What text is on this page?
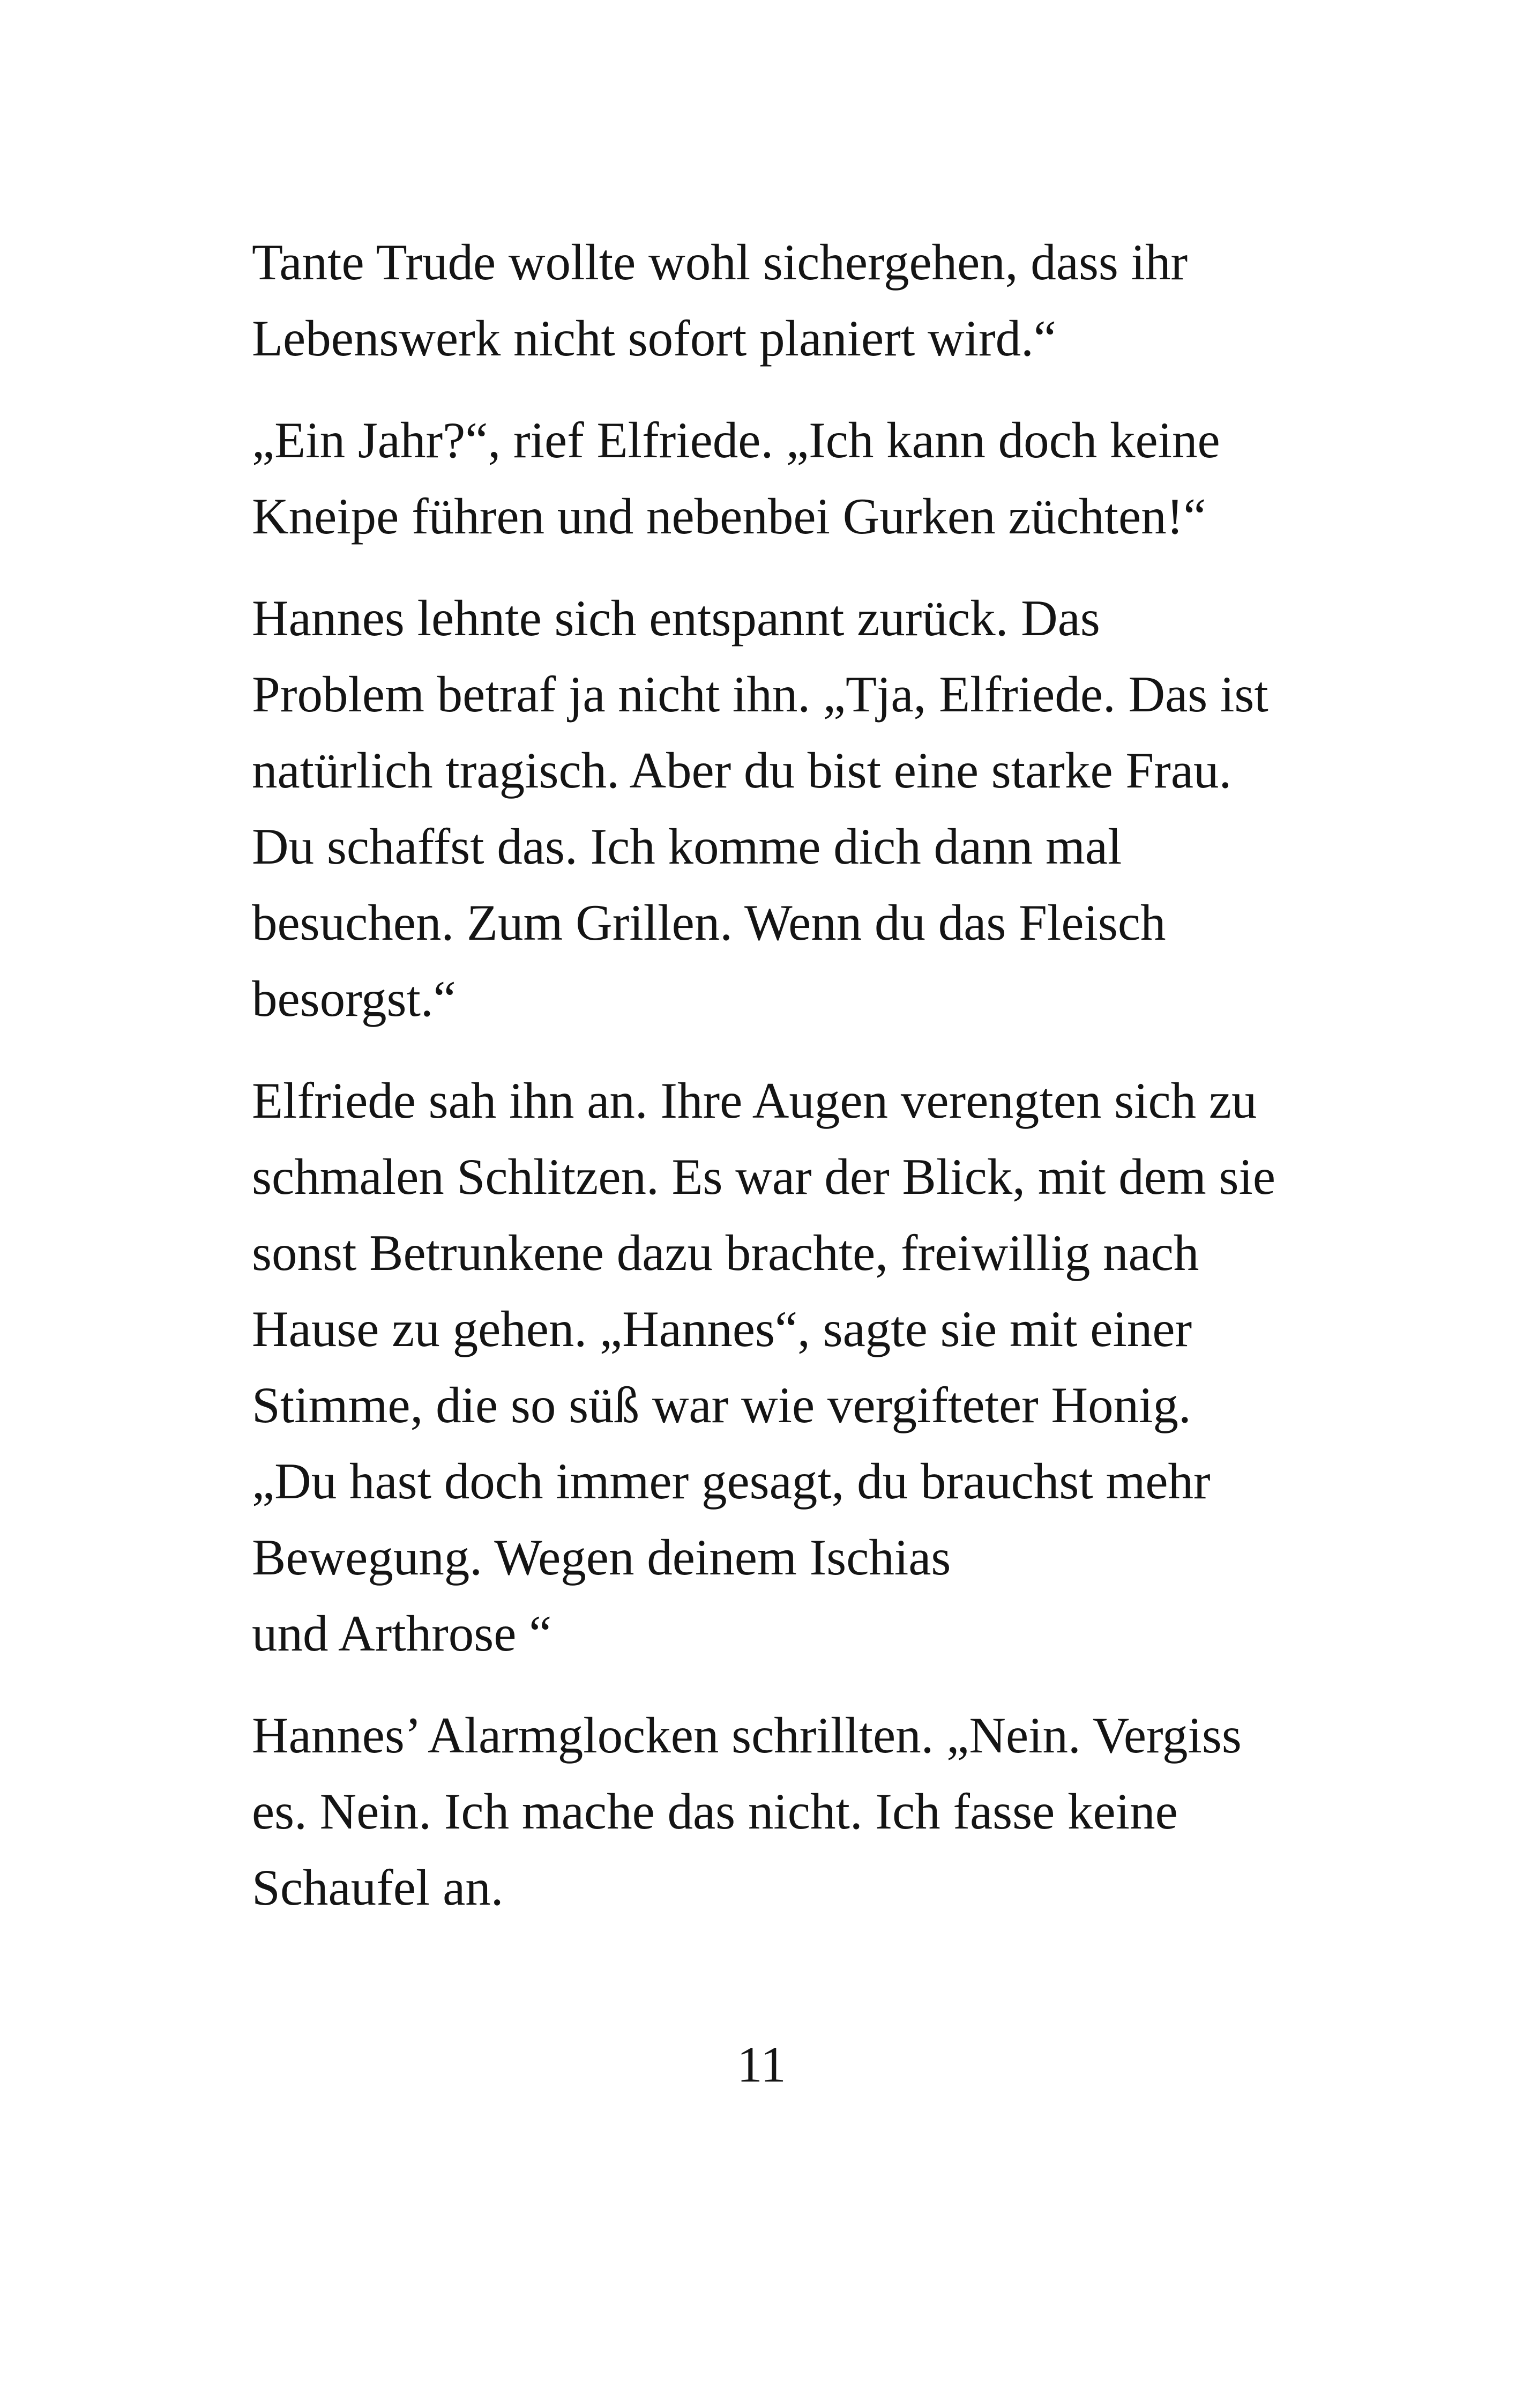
Tante Trude wollte wohl sichergehen, dass ihr
Lebenswerk nicht sofort planiert wird.“

„Ein Jahr?“, rief Elfriede. „Ich kann doch keine
Kneipe führen und nebenbei Gurken züchten!“

Hannes lehnte sich entspannt zurück. Das
Problem betraf ja nicht ihn. „Tja, Elfriede. Das ist
natürlich tragisch. Aber du bist eine starke Frau.
Du schaffst das. Ich komme dich dann mal
besuchen. Zum Grillen. Wenn du das Fleisch
besorgst.“

Elfriede sah ihn an. Ihre Augen verengten sich zu
schmalen Schlitzen. Es war der Blick, mit dem sie
sonst Betrunkene dazu brachte, freiwillig nach
Hause zu gehen. „Hannes“, sagte sie mit einer
Stimme, die so süß war wie vergifteter Honig.
„Du hast doch immer gesagt, du brauchst mehr
Bewegung. Wegen deinem Ischias
und Arthrose “

Hannes’ Alarmglocken schrillten. „Nein. Vergiss
es. Nein. Ich mache das nicht. Ich fasse keine
Schaufel an.

11
